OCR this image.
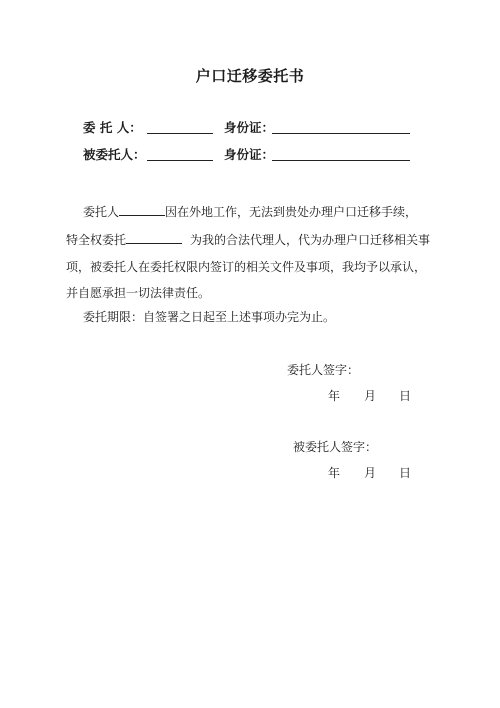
户口迁移委托书
委 托 人：	身份证：
被委托人：	身份证：
委托人	因在外地工作，无法到贵处办理户口迁移手续，
特全权委托	为我的合法代理人，代为办理户口迁移相关事
项，被委托人在委托权限内签订的相关文件及事项，我均予以承认，
并自愿承担一切法律责任。
委托期限：自签署之日起至上述事项办完为止。
委托人签字：
年 月 日
被委托人签字：
年 月 日
